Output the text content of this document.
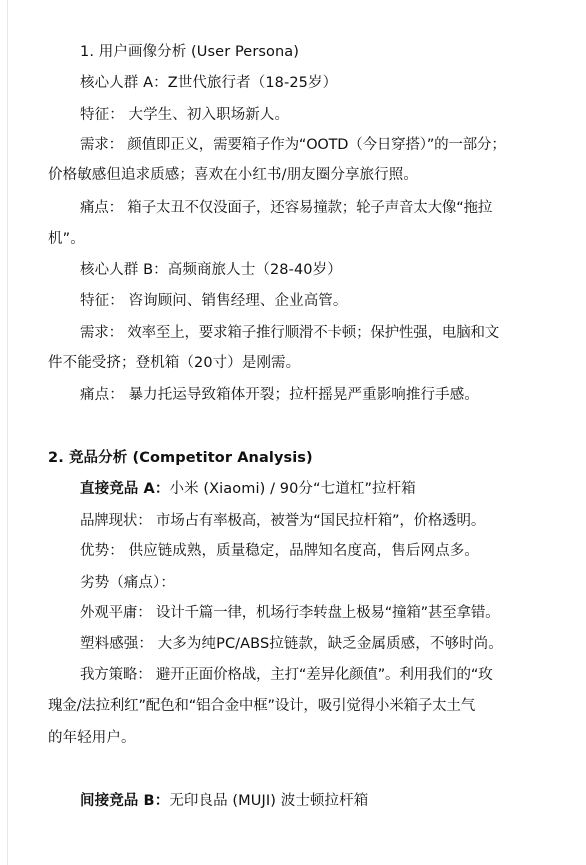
1. 用户画像分析 (User Persona)
核心人群 A：Z世代旅行者（18-25岁）
特征： 大学生、初入职场新人。
需求： 颜值即正义，需要箱子作为“OOTD（今日穿搭）”的一部分；
价格敏感但追求质感；喜欢在小红书/朋友圈分享旅行照。
痛点： 箱子太丑不仅没面子，还容易撞款；轮子声音太大像“拖拉
机”。
核心人群 B：高频商旅人士（28-40岁）
特征： 咨询顾问、销售经理、企业高管。
需求： 效率至上，要求箱子推行顺滑不卡顿；保护性强，电脑和文
件不能受挤；登机箱（20寸）是刚需。
痛点： 暴力托运导致箱体开裂；拉杆摇晃严重影响推行手感。
2. 竞品分析 (Competitor Analysis)
直接竞品 A：小米 (Xiaomi) / 90分“七道杠”拉杆箱
品牌现状： 市场占有率极高，被誉为“国民拉杆箱”，价格透明。
优势： 供应链成熟，质量稳定，品牌知名度高，售后网点多。
劣势（痛点）：
外观平庸： 设计千篇一律，机场行李转盘上极易“撞箱”甚至拿错。
塑料感强： 大多为纯PC/ABS拉链款，缺乏金属质感，不够时尚。
我方策略： 避开正面价格战，主打“差异化颜值”。利用我们的“玫
瑰金/法拉利红”配色和“铝合金中框”设计，吸引觉得小米箱子太土气
的年轻用户。
间接竞品 B：无印良品 (MUJI) 波士顿拉杆箱
